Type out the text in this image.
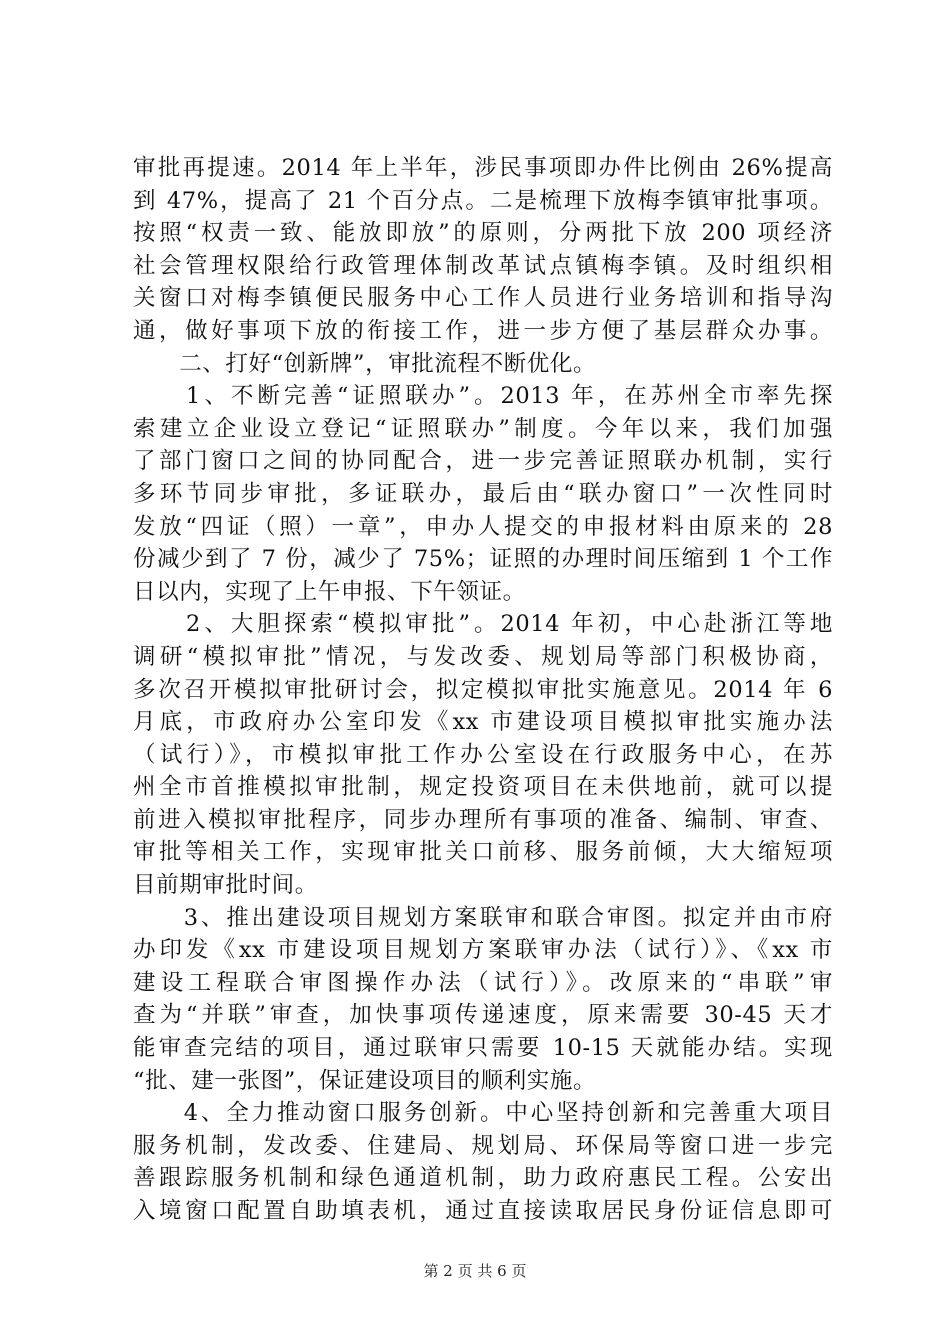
审批再提速。2014 年上半年，涉民事项即办件比例由 26%提高
到 47%，提高了 21 个百分点。二是梳理下放梅李镇审批事项。
按照“权责一致、能放即放”的原则，分两批下放 200 项经济
社会管理权限给行政管理体制改革试点镇梅李镇。及时组织相
关窗口对梅李镇便民服务中心工作人员进行业务培训和指导沟
通，做好事项下放的衔接工作，进一步方便了基层群众办事。
　　二、打好“创新牌”，审批流程不断优化。
　　1、不断完善“证照联办”。2013 年，在苏州全市率先探
索建立企业设立登记“证照联办”制度。今年以来，我们加强
了部门窗口之间的协同配合，进一步完善证照联办机制，实行
多环节同步审批，多证联办，最后由“联办窗口”一次性同时
发放“四证（照）一章”，申办人提交的申报材料由原来的 28
份减少到了 7 份，减少了 75%；证照的办理时间压缩到 1 个工作
日以内，实现了上午申报、下午领证。
　　2、大胆探索“模拟审批”。2014 年初，中心赴浙江等地
调研“模拟审批”情况，与发改委、规划局等部门积极协商，
多次召开模拟审批研讨会，拟定模拟审批实施意见。2014 年 6
月底，市政府办公室印发《xx 市建设项目模拟审批实施办法
（试行）》，市模拟审批工作办公室设在行政服务中心，在苏
州全市首推模拟审批制，规定投资项目在未供地前，就可以提
前进入模拟审批程序，同步办理所有事项的准备、编制、审查、
审批等相关工作，实现审批关口前移、服务前倾，大大缩短项
目前期审批时间。
　　3、推出建设项目规划方案联审和联合审图。拟定并由市府
办印发《xx 市建设项目规划方案联审办法（试行）》、《xx 市
建设工程联合审图操作办法（试行）》。改原来的“串联”审
查为“并联”审查，加快事项传递速度，原来需要 30-45 天才
能审查完结的项目，通过联审只需要 10-15 天就能办结。实现
“批、建一张图”，保证建设项目的顺利实施。
　　4、全力推动窗口服务创新。中心坚持创新和完善重大项目
服务机制，发改委、住建局、规划局、环保局等窗口进一步完
善跟踪服务机制和绿色通道机制，助力政府惠民工程。公安出
入境窗口配置自助填表机，通过直接读取居民身份证信息即可
第 2 页 共 6 页
